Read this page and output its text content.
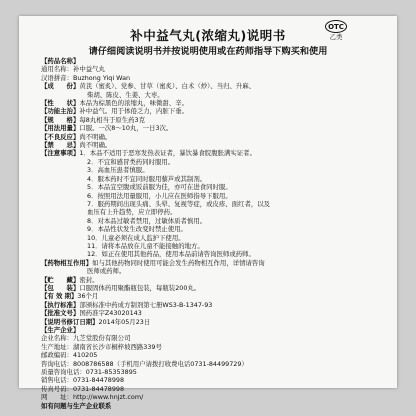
补中益气丸(浓缩丸)说明书
OTC
乙类
请仔细阅读说明书并按说明使用或在药师指导下购买和使用
【药品名称】
通用名称： 补中益气丸
汉语拼音： Buzhong Yiqi Wan
【成　　份】 黄芪（蜜炙）、党参、甘草（蜜炙）、白术（炒）、当归、升麻、
柴胡、陈皮、生姜、大枣。
【性　　状】 本品为棕黑色的浓缩丸，味微甜、辛。
【功能主治】 补中益气。用于体倦乏力，内脏下垂。
【规　　格】 每8丸相当于原生药3克
【用法用量】 口服。一次8～10丸，一日3次。
【不良反应】 尚不明确。
【禁　　忌】 尚不明确。
【注意事项】 1．本品不适用于恶寒发热表证者，暴饮暴食脘腹胀满实证者。
2．不宜和感冒类药同时服用。
3．高血压患者慎服。
4．服本药时不宜同时服用藜芦或其制剂。
5．本品宜空腹或饭前服为佳，亦可在进食同时服。
6．按照用法用量服用，小儿应在医师指导下服用。
7．服药期间出现头痛、头晕、复视等症，或皮疹、面红者，以及
血压有上升趋势，应立即停药。
8．对本品过敏者禁用，过敏体质者慎用。
9．本品性状发生改变时禁止使用。
10．儿童必须在成人监护下使用。
11．请将本品放在儿童不能接触的地方。
12．如正在使用其他药品，使用本品前请咨询医师或药师。
【药物相互作用】 如与其他药物同时使用可能会发生药物相互作用，详情请咨询
医师或药师。
【贮　　藏】 密封。
【包　　装】 口服固体药用聚酯瓶包装，每瓶装200丸。
【有 效 期】 36个月
【执行标准】 部颁标准中药成方制剂第七册WS3-B-1347-93
【批准文号】 国药准字Z43020143
【说明书修订日期】 2014年05月23日
【生产企业】
企业名称： 九芝堂股份有限公司
生产地址： 湖南省长沙市桐梓坡西路339号
邮政编码： 410205
咨询电话： 8008786588（手机用户请拨打收费电话0731-84499729）
质量咨询电话： 0731-85353895
销售电话： 0731-84478998
传真号码： 0731-84478998
网　　址： http://www.hnjzt.com/
如有问题与生产企业联系
